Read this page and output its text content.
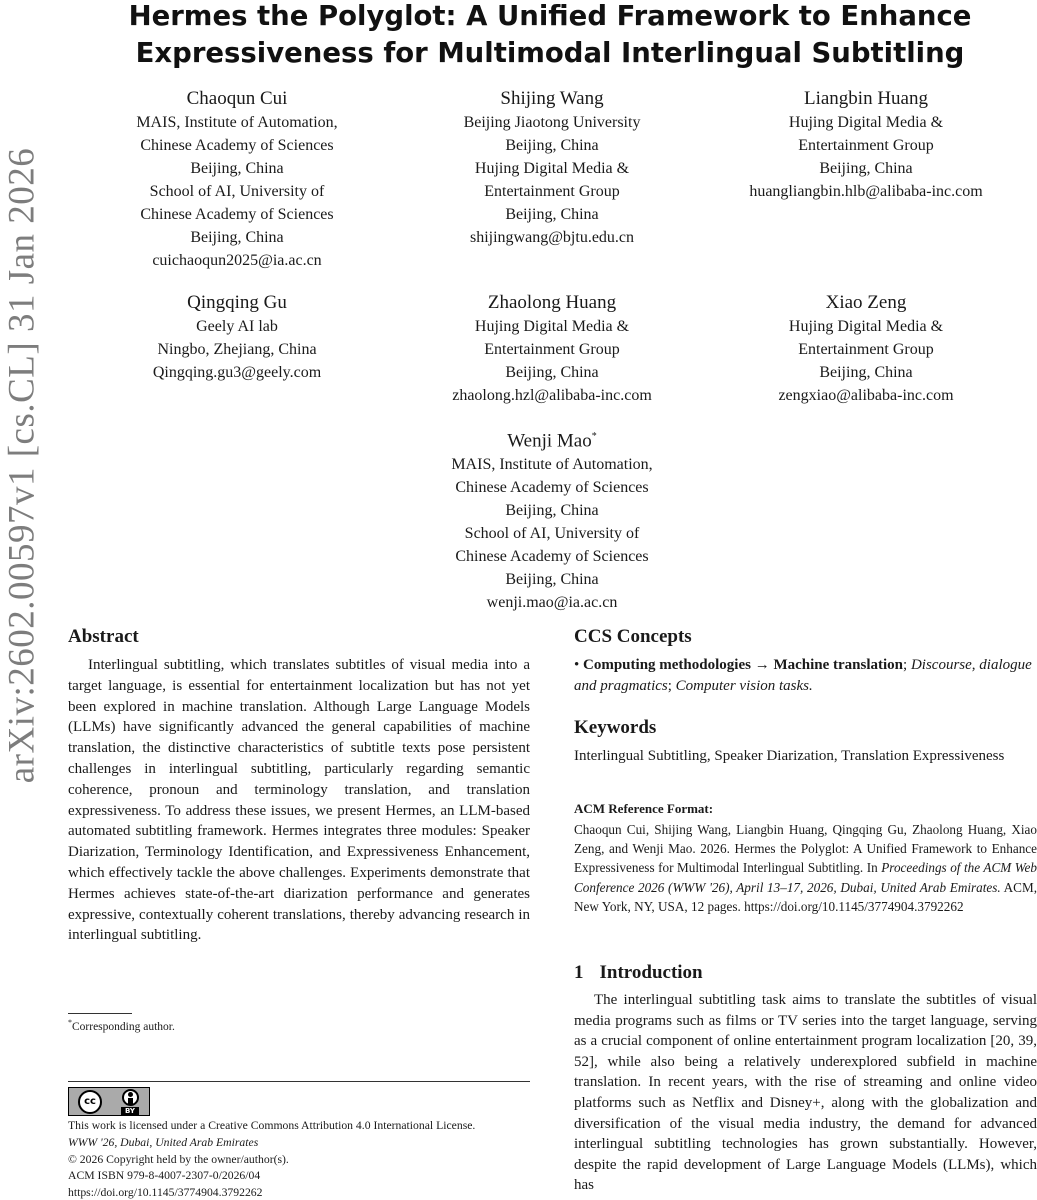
arXiv:2602.00597v1 [cs.CL] 31 Jan 2026
Hermes the Polyglot: A Unified Framework to Enhance
Expressiveness for Multimodal Interlingual Subtitling
Chaoqun Cui
MAIS, Institute of Automation,
Chinese Academy of Sciences
Beijing, China
School of AI, University of
Chinese Academy of Sciences
Beijing, China
cuichaoqun2025@ia.ac.cn
Shijing Wang
Beijing Jiaotong University
Beijing, China
Hujing Digital Media &
Entertainment Group
Beijing, China
shijingwang@bjtu.edu.cn
Liangbin Huang
Hujing Digital Media &
Entertainment Group
Beijing, China
huangliangbin.hlb@alibaba-inc.com
Qingqing Gu
Geely AI lab
Ningbo, Zhejiang, China
Qingqing.gu3@geely.com
Zhaolong Huang
Hujing Digital Media &
Entertainment Group
Beijing, China
zhaolong.hzl@alibaba-inc.com
Xiao Zeng
Hujing Digital Media &
Entertainment Group
Beijing, China
zengxiao@alibaba-inc.com
Wenji Mao*
MAIS, Institute of Automation,
Chinese Academy of Sciences
Beijing, China
School of AI, University of
Chinese Academy of Sciences
Beijing, China
wenji.mao@ia.ac.cn
Abstract
Interlingual subtitling, which translates subtitles of visual media into a target language, is essential for entertainment localization but has not yet been explored in machine translation. Although Large Language Models (LLMs) have significantly advanced the general capabilities of machine translation, the distinctive characteristics of subtitle texts pose persistent challenges in interlingual subtitling, particularly regarding semantic coherence, pronoun and terminology translation, and translation expressiveness. To address these issues, we present Hermes, an LLM-based automated subtitling framework. Hermes integrates three modules: Speaker Diarization, Terminology Identification, and Expressiveness Enhancement, which effectively tackle the above challenges. Experiments demonstrate that Hermes achieves state-of-the-art diarization performance and generates expressive, contextually coherent translations, thereby advancing research in interlingual subtitling.
CCS Concepts
• Computing methodologies → Machine translation; Discourse, dialogue and pragmatics; Computer vision tasks.
Keywords
Interlingual Subtitling, Speaker Diarization, Translation Expressiveness
ACM Reference Format:
Chaoqun Cui, Shijing Wang, Liangbin Huang, Qingqing Gu, Zhaolong Huang, Xiao Zeng, and Wenji Mao. 2026. Hermes the Polyglot: A Unified Framework to Enhance Expressiveness for Multimodal Interlingual Subtitling. In Proceedings of the ACM Web Conference 2026 (WWW '26), April 13–17, 2026, Dubai, United Arab Emirates. ACM, New York, NY, USA, 12 pages. https://doi.org/10.1145/3774904.3792262
1 Introduction
The interlingual subtitling task aims to translate the subtitles of visual media programs such as films or TV series into the target language, serving as a crucial component of online entertainment program localization [20, 39, 52], while also being a relatively underexplored subfield in machine translation. In recent years, with the rise of streaming and online video platforms such as Netflix and Disney+, along with the globalization and diversification of the visual media industry, the demand for advanced interlingual subtitling technologies has grown substantially. However, despite the rapid development of Large Language Models (LLMs), which has
*Corresponding author.
cc
BY
This work is licensed under a Creative Commons Attribution 4.0 International License.
WWW '26, Dubai, United Arab Emirates
© 2026 Copyright held by the owner/author(s).
ACM ISBN 979-8-4007-2307-0/2026/04
https://doi.org/10.1145/3774904.3792262
